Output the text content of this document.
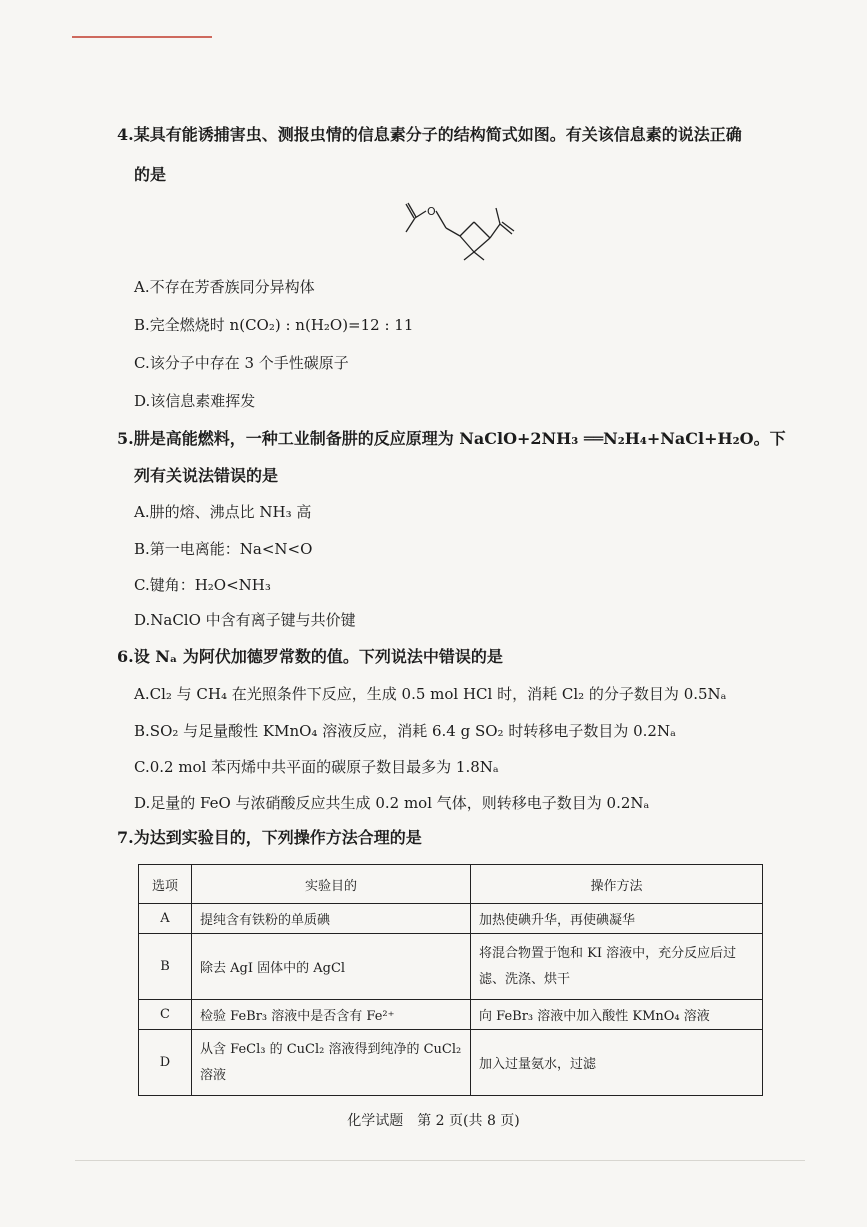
4.某具有能诱捕害虫、测报虫情的信息素分子的结构简式如图。有关该信息素的说法正确
的是
O
A.不存在芳香族同分异构体
B.完全燃烧时 n(CO₂) : n(H₂O)=12 : 11
C.该分子中存在 3 个手性碳原子
D.该信息素难挥发
5.肼是高能燃料，一种工业制备肼的反应原理为 NaClO+2NH₃ ══N₂H₄+NaCl+H₂O。下
列有关说法错误的是
A.肼的熔、沸点比 NH₃ 高
B.第一电离能：Na<N<O
C.键角：H₂O<NH₃
D.NaClO 中含有离子键与共价键
6.设 Nₐ 为阿伏加德罗常数的值。下列说法中错误的是
A.Cl₂ 与 CH₄ 在光照条件下反应，生成 0.5 mol HCl 时，消耗 Cl₂ 的分子数目为 0.5Nₐ
B.SO₂ 与足量酸性 KMnO₄ 溶液反应，消耗 6.4 g SO₂ 时转移电子数目为 0.2Nₐ
C.0.2 mol 苯丙烯中共平面的碳原子数目最多为 1.8Nₐ
D.足量的 FeO 与浓硝酸反应共生成 0.2 mol 气体，则转移电子数目为 0.2Nₐ
7.为达到实验目的，下列操作方法合理的是
选项	实验目的	操作方法
A	提纯含有铁粉的单质碘	加热使碘升华，再使碘凝华
B	除去 AgI 固体中的 AgCl	将混合物置于饱和 KI 溶液中，充分反应后过滤、洗涤、烘干
C	检验 FeBr₃ 溶液中是否含有 Fe²⁺	向 FeBr₃ 溶液中加入酸性 KMnO₄ 溶液
D	从含 FeCl₃ 的 CuCl₂ 溶液得到纯净的 CuCl₂ 溶液	加入过量氨水，过滤
化学试题　第 2 页(共 8 页)
